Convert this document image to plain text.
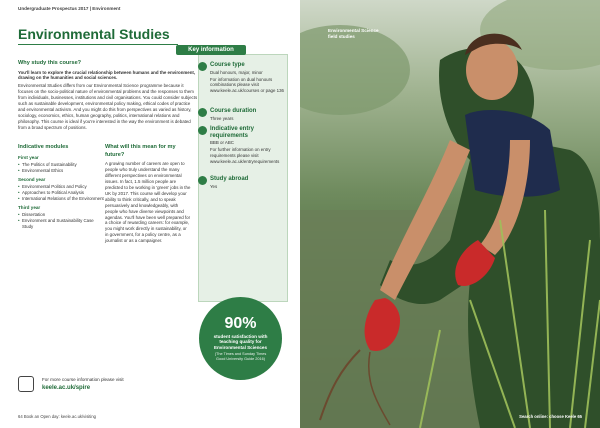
Undergraduate Prospectus 2017 | Environment
Environmental Studies
Why study this course?
You'll learn to explore the crucial relationship between humans and the environment, drawing on the humanities and social sciences.
Environmental Studies differs from our Environmental Science programme because it focuses on the socio-political nature of environmental problems and the responses to them from individuals, businesses, institutions and civil organisations. You could consider subjects such as sustainable development, environmental policy making, ethical codes of practice and environmental activism. And you might do this from perspectives as varied as history, sociology, economics, ethics, human geography, politics, international relations and philosophy. This course is ideal if you're interested in the way the environment is debated from a broad spectrum of positions.
Indicative modules
First year
• The Politics of Sustainability
• Environmental Ethics
Second year
• Environmental Politics and Policy
• Approaches to Political Analysis
• International Relations of the Environment
Third year
• Dissertation
• Environment and Sustainability Case Study
What will this mean for my future?
A growing number of careers are open to people who truly understand the many different perspectives on environmental issues. In fact, 1.5 million people are predicted to be working in 'green' jobs in the UK by 2017. This course will develop your ability to think critically, and to speak persuasively and knowledgeably, with people who have diverse viewpoints and agendas. You'll have been well prepared for a choice of rewarding careers: for example, you might work directly in sustainability, or in government, for a policy centre, as a journalist or as a campaigner.
Key information
Course type
Dual honours, major, minor
For information on dual honours combinations please visit www.keele.ac.uk/courses or page 136
Course duration
Three years
Indicative entry requirements
BBB or ABC
For further information on entry requirements please visit www.keele.ac.uk/entryrequirements
Study abroad
Yes
90%
student satisfaction with teaching quality for Environmental Sciences
(The Times and Sunday Times Good University Guide 2016)
For more course information please visit
keele.ac.uk/spire
64 Book an Open day: keele.ac.uk/visiting
Environmental Science
field studies
Search online: choose Keele 65
